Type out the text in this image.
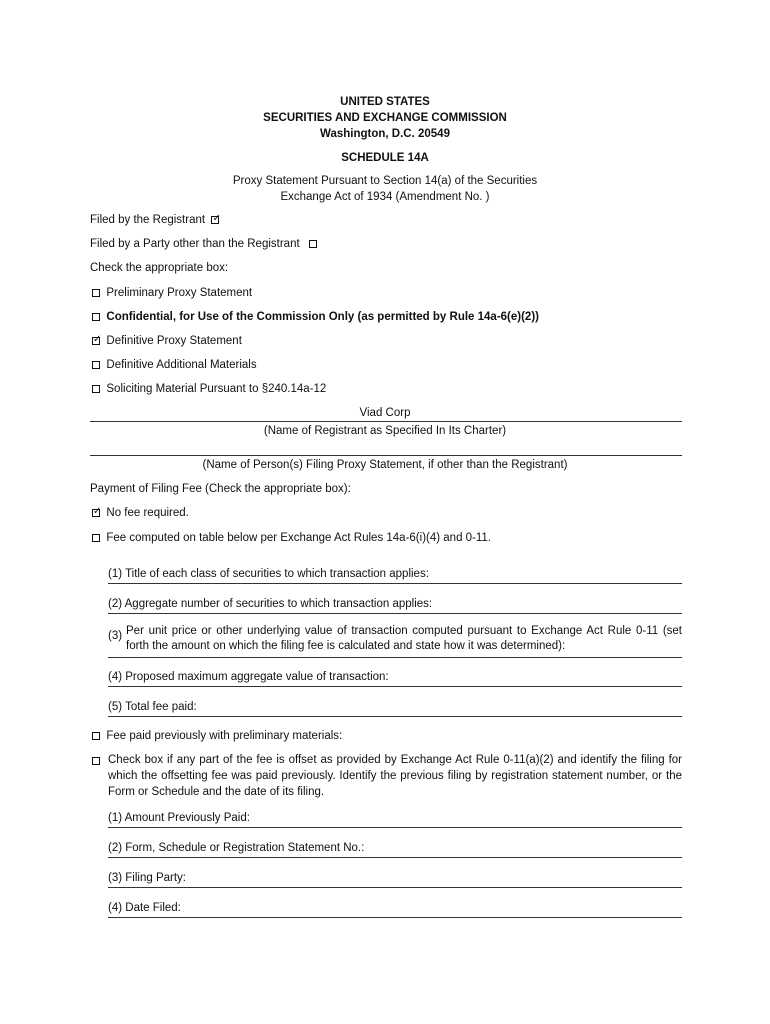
UNITED STATES

SECURITIES AND EXCHANGE COMMISSION

Washington, D.C. 20549

SCHEDULE 14A

Proxy Statement Pursuant to Section 14(a) of the Securities

Exchange Act of 1934 (Amendment No. )

Filed by the Registrant  ✓

Filed by a Party other than the Registrant

Check the appropriate box:

Preliminary Proxy Statement

Confidential, for Use of the Commission Only (as permitted by Rule 14a-6(e)(2))

✓  Definitive Proxy Statement

Definitive Additional Materials

Soliciting Material Pursuant to §240.14a-12

Viad Corp

(Name of Registrant as Specified In Its Charter)

(Name of Person(s) Filing Proxy Statement, if other than the Registrant)

Payment of Filing Fee (Check the appropriate box):

✓  No fee required.

Fee computed on table below per Exchange Act Rules 14a-6(i)(4) and 0-11.

(1) Title of each class of securities to which transaction applies:

(2) Aggregate number of securities to which transaction applies:

(3) Per unit price or other underlying value of transaction computed pursuant to Exchange Act Rule 0-11 (set forth the amount on which the filing fee is calculated and state how it was determined):

(4) Proposed maximum aggregate value of transaction:

(5) Total fee paid:

Fee paid previously with preliminary materials:

Check box if any part of the fee is offset as provided by Exchange Act Rule 0-11(a)(2) and identify the filing for which the offsetting fee was paid previously. Identify the previous filing by registration statement number, or the Form or Schedule and the date of its filing.

(1) Amount Previously Paid:

(2) Form, Schedule or Registration Statement No.:

(3) Filing Party:

(4) Date Filed:
